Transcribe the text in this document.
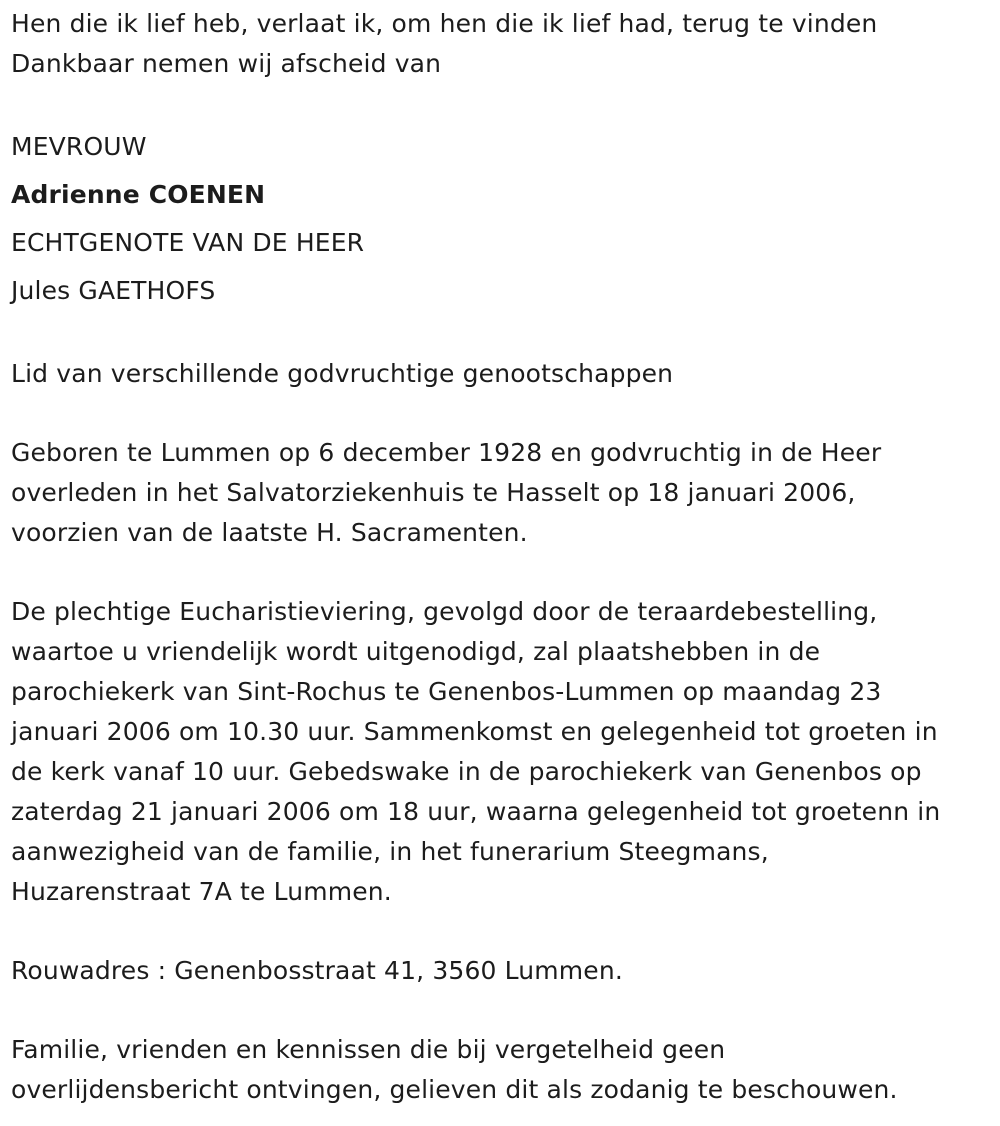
Hen die ik lief heb, verlaat ik, om hen die ik lief had, terug te vinden
Dankbaar nemen wij afscheid van
MEVROUW
Adrienne COENEN
ECHTGENOTE VAN DE HEER
Jules GAETHOFS
Lid van verschillende godvruchtige genootschappen
Geboren te Lummen op 6 december 1928 en godvruchtig in de Heer
overleden in het Salvatorziekenhuis te Hasselt op 18 januari 2006,
voorzien van de laatste H. Sacramenten.
De plechtige Eucharistieviering, gevolgd door de teraardebestelling,
waartoe u vriendelijk wordt uitgenodigd, zal plaatshebben in de
parochiekerk van Sint-Rochus te Genenbos-Lummen op maandag 23
januari 2006 om 10.30 uur. Sammenkomst en gelegenheid tot groeten in
de kerk vanaf 10 uur. Gebedswake in de parochiekerk van Genenbos op
zaterdag 21 januari 2006 om 18 uur, waarna gelegenheid tot groetenn in
aanwezigheid van de familie, in het funerarium Steegmans,
Huzarenstraat 7A te Lummen.
Rouwadres : Genenbosstraat 41, 3560 Lummen.
Familie, vrienden en kennissen die bij vergetelheid geen
overlijdensbericht ontvingen, gelieven dit als zodanig te beschouwen.
